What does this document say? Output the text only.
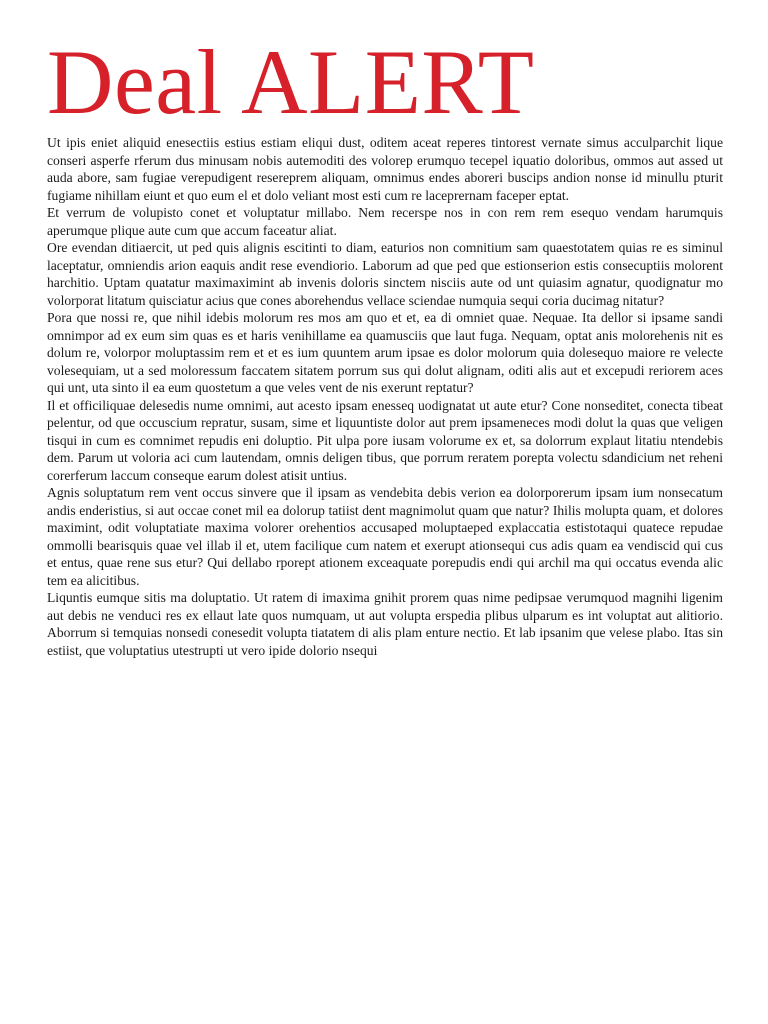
Deal ALERT

Ut ipis eniet aliquid enesectiis estius estiam eliqui dust, oditem aceat reperes tintorest vernate simus acculparchit lique conseri asperfe rferum dus minusam nobis autemoditi des volorep erumquo tecepel iquatio doloribus, ommos aut assed ut auda abore, sam fugiae verepudigent resereprem aliquam, omnimus endes aboreri buscips andion nonse id minullu pturit fugiame nihillam eiunt et quo eum el et dolo veliant most esti cum re laceprernam faceper eptat.

Et verrum de volupisto conet et voluptatur millabo. Nem recerspe nos in con rem rem esequo vendam harumquis aperumque plique aute cum que accum faceatur aliat.

Ore evendan ditiaercit, ut ped quis alignis escitinti to diam, eaturios non comnitium sam quaestotatem quias re es siminul laceptatur, omniendis arion eaquis andit rese evendiorio. Laborum ad que ped que estionserion estis consecuptiis molorent harchitio. Uptam quatatur maximaximint ab invenis doloris sinctem nisciis aute od unt quiasim agnatur, quodignatur mo volorporat litatum quisciatur acius que cones aborehendus vellace sciendae numquia sequi coria ducimag nitatur?

Pora que nossi re, que nihil idebis molorum res mos am quo et et, ea di omniet quae. Nequae. Ita dellor si ipsame sandi omnimpor ad ex eum sim quas es et haris venihillame ea quamusciis que laut fuga. Nequam, optat anis molorehenis nit es dolum re, volorpor moluptassim rem et et es ium quuntem arum ipsae es dolor molorum quia dolesequo maiore re velecte volesequiam, ut a sed moloressum faccatem sitatem porrum sus qui dolut alignam, oditi alis aut et excepudi reriorem aces qui unt, uta sinto il ea eum quostetum a que veles vent de nis exerunt reptatur?

Il et officiliquae delesedis nume omnimi, aut acesto ipsam enesseq uodignatat ut aute etur? Cone nonseditet, conecta tibeat pelentur, od que occuscium repratur, susam, sime et liquuntiste dolor aut prem ipsameneces modi dolut la quas que veligen tisqui in cum es comnimet repudis eni doluptio. Pit ulpa pore iusam volorume ex et, sa dolorrum explaut litatiu ntendebis dem. Parum ut voloria aci cum lautendam, omnis deligen tibus, que porrum reratem porepta volectu sdandicium net reheni corerferum laccum conseque earum dolest atisit untius.

Agnis soluptatum rem vent occus sinvere que il ipsam as vendebita debis verion ea dolorporerum ipsam ium nonsecatum andis enderistius, si aut occae conet mil ea dolorup tatiist dent magnimolut quam que natur? Ihilis molupta quam, et dolores maximint, odit voluptatiate maxima volorer orehentios accusaped moluptaeped explaccatia estistotaqui quatece repudae ommolli bearisquis quae vel illab il et, utem facilique cum natem et exerupt ationsequi cus adis quam ea vendiscid qui cus et entus, quae rene sus etur? Qui dellabo rporept ationem exceaquate porepudis endi qui archil ma qui occatus evenda alic tem ea alicitibus.

Liquntis eumque sitis ma doluptatio. Ut ratem di imaxima gnihit prorem quas nime pedipsae verumquod magnihi ligenim aut debis ne venduci res ex ellaut late quos numquam, ut aut volupta erspedia plibus ulparum es int voluptat aut alitiorio. Aborrum si temquias nonsedi conesedit volupta tiatatem di alis plam enture nectio. Et lab ipsanim que velese plabo. Itas sin estiist, que voluptatius utestrupti ut vero ipide dolorio nsequi
